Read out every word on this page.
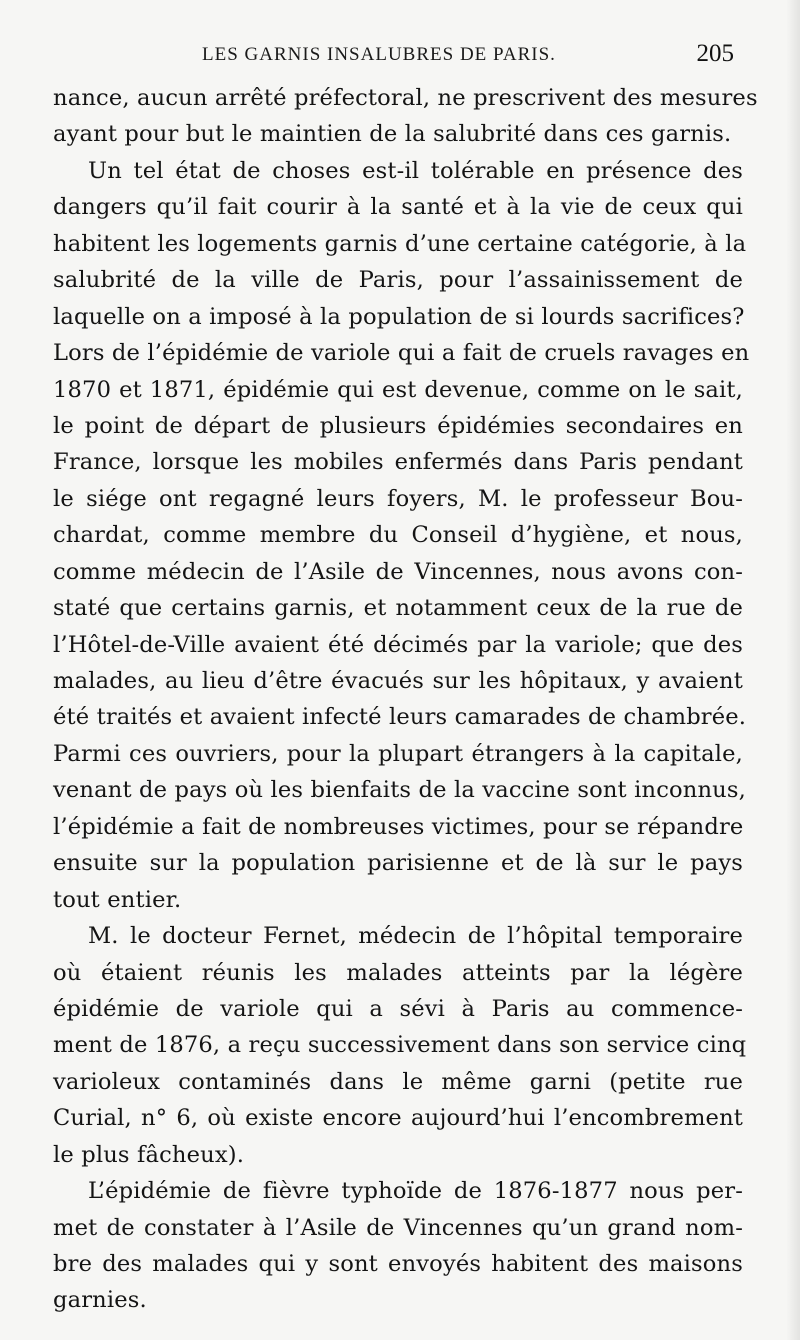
LES GARNIS INSALUBRES DE PARIS.	205
nance, aucun arrêté préfectoral, ne prescrivent des mesures
ayant pour but le maintien de la salubrité dans ces garnis.
Un tel état de choses est-il tolérable en présence des
dangers qu’il fait courir à la santé et à la vie de ceux qui
habitent les logements garnis d’une certaine catégorie, à la
salubrité de la ville de Paris, pour l’assainissement de
laquelle on a imposé à la population de si lourds sacrifices?
Lors de l’épidémie de variole qui a fait de cruels ravages en
1870 et 1871, épidémie qui est devenue, comme on le sait,
le point de départ de plusieurs épidémies secondaires en
France, lorsque les mobiles enfermés dans Paris pendant
le siége ont regagné leurs foyers, M. le professeur Bou-
chardat, comme membre du Conseil d’hygiène, et nous,
comme médecin de l’Asile de Vincennes, nous avons con-
staté que certains garnis, et notamment ceux de la rue de
l’Hôtel-de-Ville avaient été décimés par la variole; que des
malades, au lieu d’être évacués sur les hôpitaux, y avaient
été traités et avaient infecté leurs camarades de chambrée.
Parmi ces ouvriers, pour la plupart étrangers à la capitale,
venant de pays où les bienfaits de la vaccine sont inconnus,
l’épidémie a fait de nombreuses victimes, pour se répandre
ensuite sur la population parisienne et de là sur le pays
tout entier.
M. le docteur Fernet, médecin de l’hôpital temporaire
où étaient réunis les malades atteints par la légère
épidémie de variole qui a sévi à Paris au commence-
ment de 1876, a reçu successivement dans son service cinq
varioleux contaminés dans le même garni (petite rue
Curial, n° 6, où existe encore aujourd’hui l’encombrement
le plus fâcheux).
L’épidémie de fièvre typhoïde de 1876-1877 nous per-
met de constater à l’Asile de Vincennes qu’un grand nom-
bre des malades qui y sont envoyés habitent des maisons
garnies.
